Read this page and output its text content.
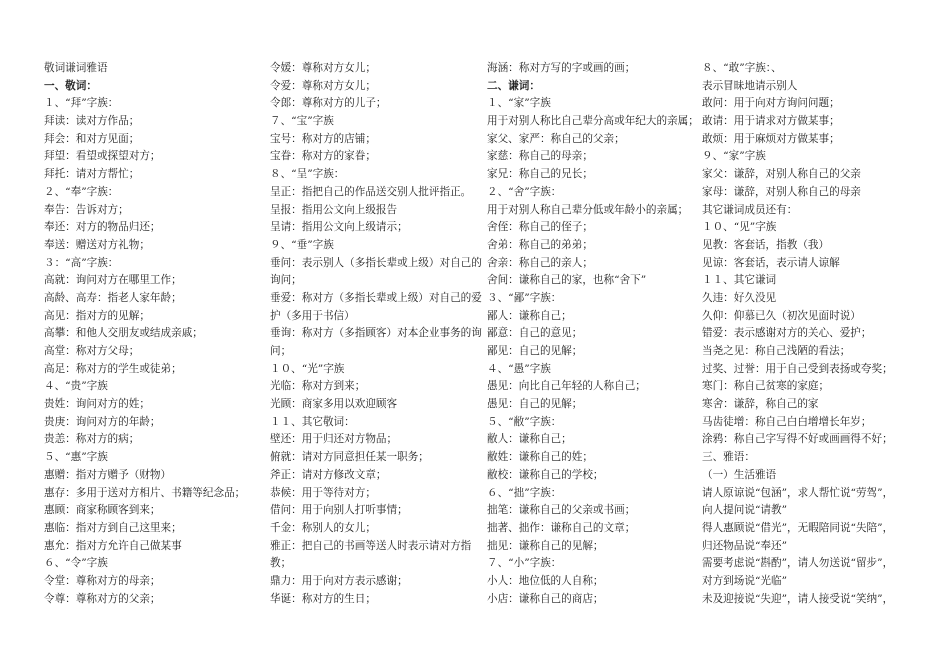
敬词谦词雅语
一、敬词：
１、“拜”字族：
拜读：读对方作品；
拜会：和对方见面；
拜望：看望或探望对方；
拜托：请对方帮忙；
２、“奉”字族：
奉告：告诉对方；
奉还：对方的物品归还；
奉送：赠送对方礼物；
３：“高”字族：
高就：询问对方在哪里工作；
高龄、高寿：指老人家年龄；
高见：指对方的见解；
高攀：和他人交朋友或结成亲戚；
高堂：称对方父母；
高足：称对方的学生或徒弟；
４、“贵”字族
贵姓：询问对方的姓；
贵庚：询问对方的年龄；
贵恙：称对方的病；
５、“惠”字族
惠赠：指对方赠予（财物）
惠存：多用于送对方相片、书籍等纪念品；
惠顾：商家称顾客到来；
惠临：指对方到自己这里来；
惠允：指对方允许自己做某事
６、“令”字族
令堂：尊称对方的母亲；
令尊：尊称对方的父亲；
令媛：尊称对方女儿；
令爱：尊称对方女儿；
令郎：尊称对方的儿子；
７、“宝”字族
宝号：称对方的店铺；
宝眷：称对方的家眷；
８、“呈”字族：
呈正：指把自己的作品送交别人批评指正。
呈报：指用公文向上级报告
呈请：指用公文向上级请示；
９、“垂”字族
垂问：表示别人（多指长辈或上级）对自己的
询问；
垂爱：称对方（多指长辈或上级）对自己的爱
护（多用于书信）
垂询：称对方（多指顾客）对本企业事务的询
问；
１０、“光”字族
光临：称对方到来；
光顾：商家多用以欢迎顾客
１１、其它敬词：
壁还：用于归还对方物品；
俯就：请对方同意担任某一职务；
斧正：请对方修改文章；
恭候：用于等待对方；
借问：用于向别人打听事情；
千金：称别人的女儿；
雅正：把自己的书画等送人时表示请对方指
教；
鼎力：用于向对方表示感谢；
华诞：称对方的生日；
海涵：称对方写的字或画的画；
二、谦词：
１、“家”字族
用于对别人称比自己辈分高或年纪大的亲属；
家父、家严：称自己的父亲；
家慈：称自己的母亲；
家兄：称自己的兄长；
２、“舍”字族：
用于对别人称自己辈分低或年龄小的亲属；
舍侄：称自己的侄子；
舍弟：称自己的弟弟；
舍亲：称自己的亲人；
舍间：谦称自己的家，也称“舍下”
３、“鄙”字族：
鄙人：谦称自己；
鄙意：自己的意见；
鄙见：自己的见解；
４、“愚”字族
愚见：向比自己年轻的人称自己；
愚见：自己的见解；
５、“敝”字族：
敝人：谦称自己；
敝姓：谦称自己的姓；
敝校：谦称自己的学校；
６、“拙”字族：
拙笔：谦称自己的父亲或书画；
拙著、拙作：谦称自己的文章；
拙见：谦称自己的见解；
７、“小”字族：
小人：地位低的人自称；
小店：谦称自己的商店；
８、“敢”字族：、
表示冒昧地请示别人
敢问：用于向对方询问问题；
敢请：用于请求对方做某事；
敢烦：用于麻烦对方做某事；
９、“家”字族
家父：谦辞，对别人称自己的父亲
家母：谦辞，对别人称自己的母亲
其它谦词成员还有：
１０、“见”字族
见教：客套话，指教（我）
见谅：客套话，表示请人谅解
１１、其它谦词
久违：好久没见
久仰：仰慕已久（初次见面时说）
错爱：表示感谢对方的关心、爱护；
当尧之见：称自己浅陋的看法；
过奖、过誉：用于自己受到表扬或夸奖；
寒门：称自己贫寒的家庭；
寒舍：谦辞，称自己的家
马齿徒增：称自己白白增增长年岁；
涂鸦：称自己字写得不好或画画得不好；
三、雅语：
（一）生活雅语
请人原谅说“包涵”，求人帮忙说“劳驾”，
向人提问说“请教”
得人惠顾说“借光”，无暇陪同说“失陪”，
归还物品说“奉还”
需要考虑说“斟酌”，请人勿送说“留步”，
对方到场说“光临”
未及迎接说“失迎”，请人接受说“笑纳”，
